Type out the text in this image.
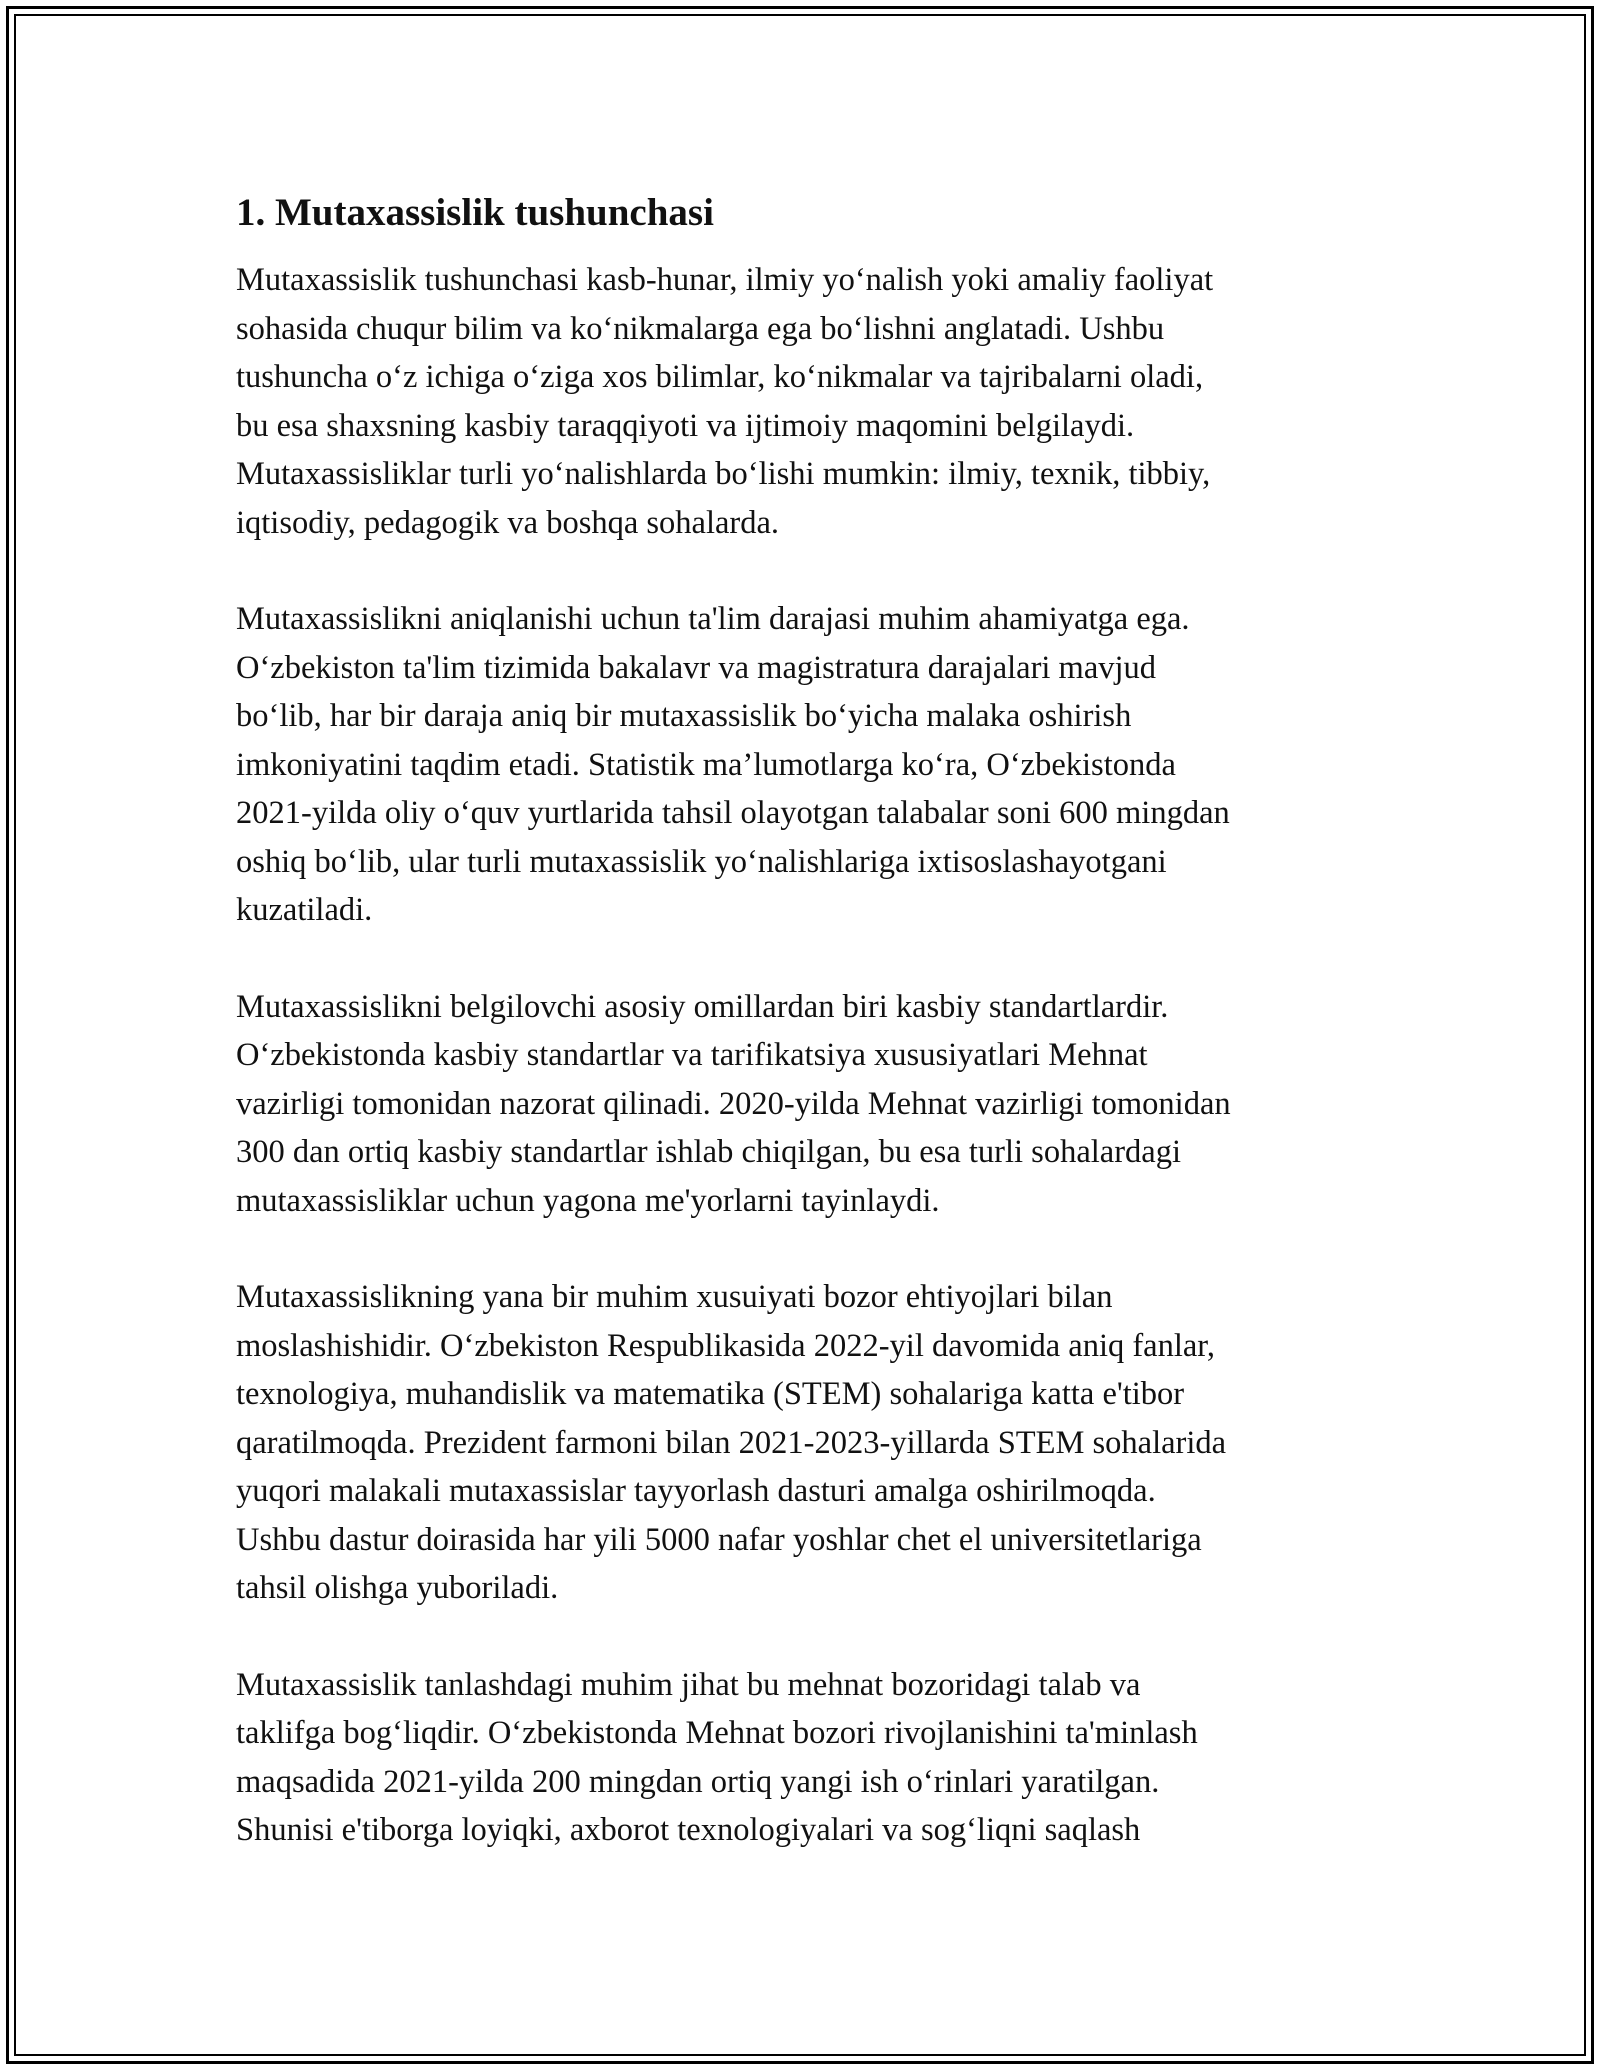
1. Mutaxassislik tushunchasi

Mutaxassislik tushunchasi kasb-hunar, ilmiy yo‘nalish yoki amaliy faoliyat
sohasida chuqur bilim va ko‘nikmalarga ega bo‘lishni anglatadi. Ushbu
tushuncha o‘z ichiga o‘ziga xos bilimlar, ko‘nikmalar va tajribalarni oladi,
bu esa shaxsning kasbiy taraqqiyoti va ijtimoiy maqomini belgilaydi.
Mutaxassisliklar turli yo‘nalishlarda bo‘lishi mumkin: ilmiy, texnik, tibbiy,
iqtisodiy, pedagogik va boshqa sohalarda.

Mutaxassislikni aniqlanishi uchun ta'lim darajasi muhim ahamiyatga ega.
O‘zbekiston ta'lim tizimida bakalavr va magistratura darajalari mavjud
bo‘lib, har bir daraja aniq bir mutaxassislik bo‘yicha malaka oshirish
imkoniyatini taqdim etadi. Statistik ma’lumotlarga ko‘ra, O‘zbekistonda
2021-yilda oliy o‘quv yurtlarida tahsil olayotgan talabalar soni 600 mingdan
oshiq bo‘lib, ular turli mutaxassislik yo‘nalishlariga ixtisoslashayotgani
kuzatiladi.

Mutaxassislikni belgilovchi asosiy omillardan biri kasbiy standartlardir.
O‘zbekistonda kasbiy standartlar va tarifikatsiya xususiyatlari Mehnat
vazirligi tomonidan nazorat qilinadi. 2020-yilda Mehnat vazirligi tomonidan
300 dan ortiq kasbiy standartlar ishlab chiqilgan, bu esa turli sohalardagi
mutaxassisliklar uchun yagona me'yorlarni tayinlaydi.

Mutaxassislikning yana bir muhim xusuiyati bozor ehtiyojlari bilan
moslashishidir. O‘zbekiston Respublikasida 2022-yil davomida aniq fanlar,
texnologiya, muhandislik va matematika (STEM) sohalariga katta e'tibor
qaratilmoqda. Prezident farmoni bilan 2021-2023-yillarda STEM sohalarida
yuqori malakali mutaxassislar tayyorlash dasturi amalga oshirilmoqda.
Ushbu dastur doirasida har yili 5000 nafar yoshlar chet el universitetlariga
tahsil olishga yuboriladi.

Mutaxassislik tanlashdagi muhim jihat bu mehnat bozoridagi talab va
taklifga bog‘liqdir. O‘zbekistonda Mehnat bozori rivojlanishini ta'minlash
maqsadida 2021-yilda 200 mingdan ortiq yangi ish o‘rinlari yaratilgan.
Shunisi e'tiborga loyiqki, axborot texnologiyalari va sog‘liqni saqlash
